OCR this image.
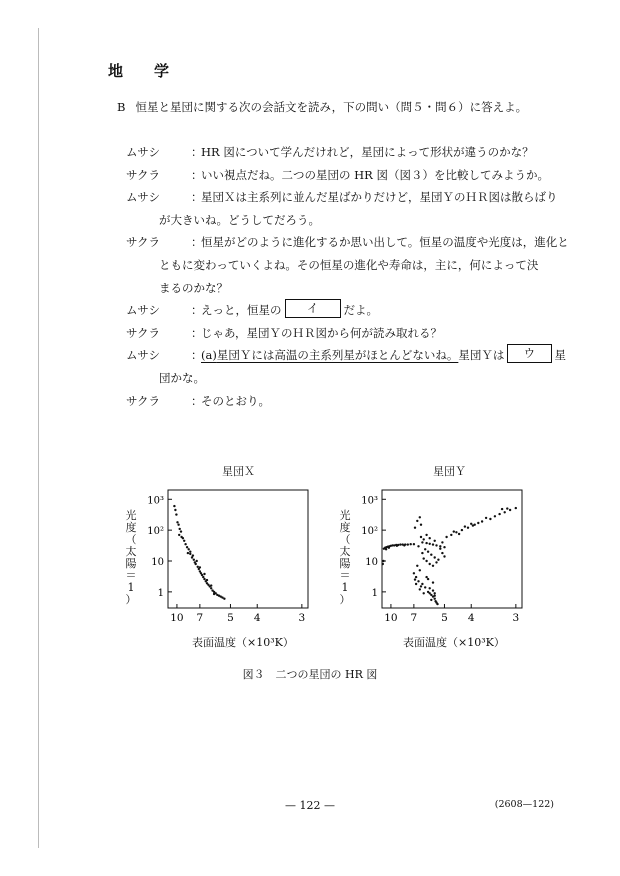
地　学
B 恒星と星団に関する次の会話文を読み，下の問い（問５・問６）に答えよ。
ムサシ	：
HR 図について学んだけれど，星団によって形状が違うのかな？
サクラ	：
いい視点だね。二つの星団の HR 図（図３）を比較してみようか。
ムサシ	：
星団Ｘは主系列に並んだ星ばかりだけど，星団ＹのＨＲ図は散らばり
が大きいね。どうしてだろう。
サクラ	：
恒星がどのように進化するか思い出して。恒星の温度や光度は，進化と
ともに変わっていくよね。その恒星の進化や寿命は，主に，何によって決
まるのかな？
ムサシ	：
えっと，恒星の	イ	だよ。
サクラ	：
じゃあ，星団ＹのＨＲ図から何が読み取れる？
ムサシ	：
(a) 星団Ｙには高温の主系列星がほとんどないね。 星団Ｙは	ウ	星
団かな。
サクラ	：
そのとおり。
星団Ｘ
光
度
（
太
陽
＝
1
）
10 7 5 4	3
1
10
10²
10³
表面温度（×10³K）
星団Ｙ
光
度
（
太
陽
＝
1
）
10 7 5 4	3
1
10
10²
10³
表面温度（×10³K）
図３　二つの星団の HR 図
— 122 —	(2608—122)
